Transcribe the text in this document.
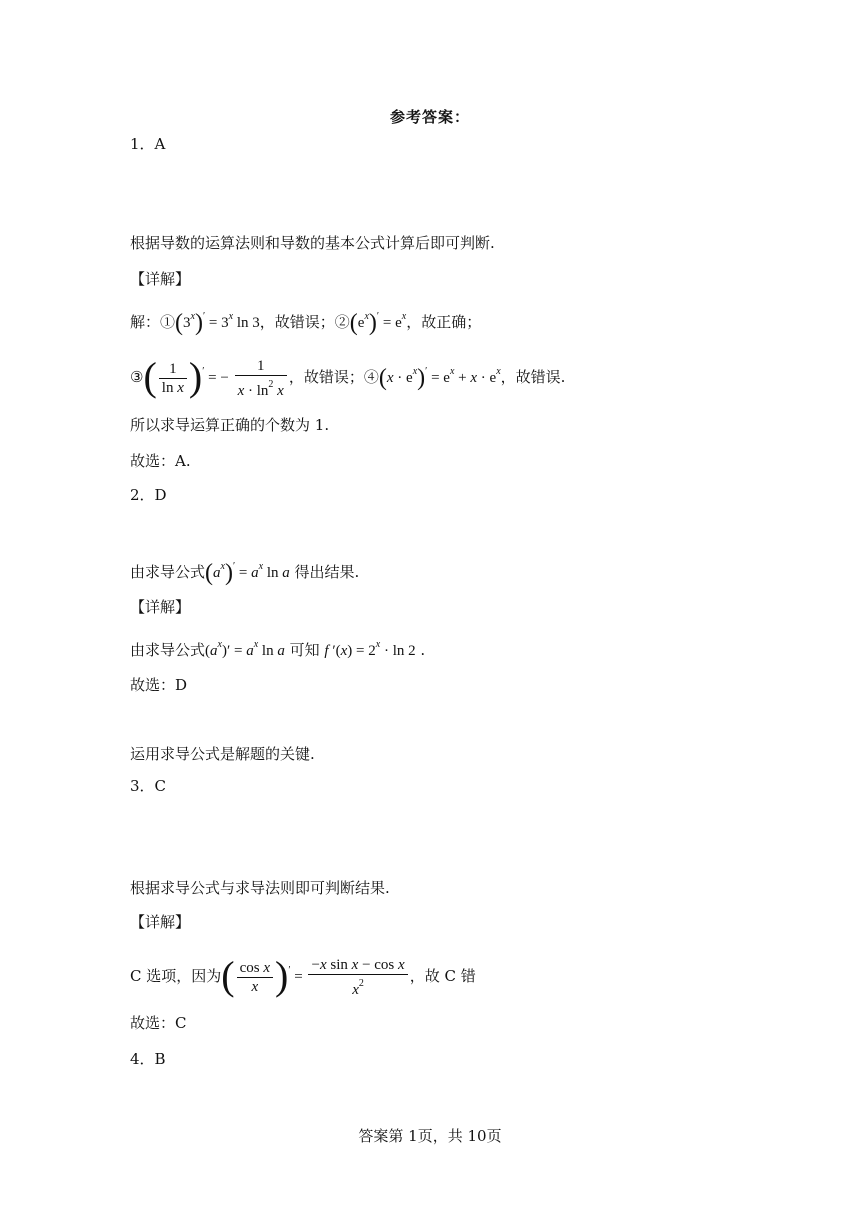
参考答案：
1．A
根据导数的运算法则和导数的基本公式计算后即可判断.
【详解】
解：$①(3^x)' = 3^x$ ln 3，故错误；$②(e^x)' = e^x$，故正确；
③( $\frac{1}{\text{ln x}} )'$ = − $\frac{1}{x \cdot \ln^2 x}$ ，故错误；④(x · $e^x)' = e^x + x \cdot e^x$，故错误.
所以求导运算正确的个数为 1.
故选：A.
2．D
由求导公式$(a^x)' = a^x$ ln a 得出结果.
【详解】
由求导公式$(a^x)' = a^x$ ln a 可知 f $'(x) = 2^x \cdot \ln 2$ .
故选：D
运用求导公式是解题的关键.
3．C
根据求导公式与求导法则即可判断结果.
【详解】
C 选项，因为( $\frac{\text{cos x}}{x} )' = \frac{\text{−x sin x − cos x}}{x^2}$ ，故 C 错
故选：C
4．B
答案第 1页，共 10页
